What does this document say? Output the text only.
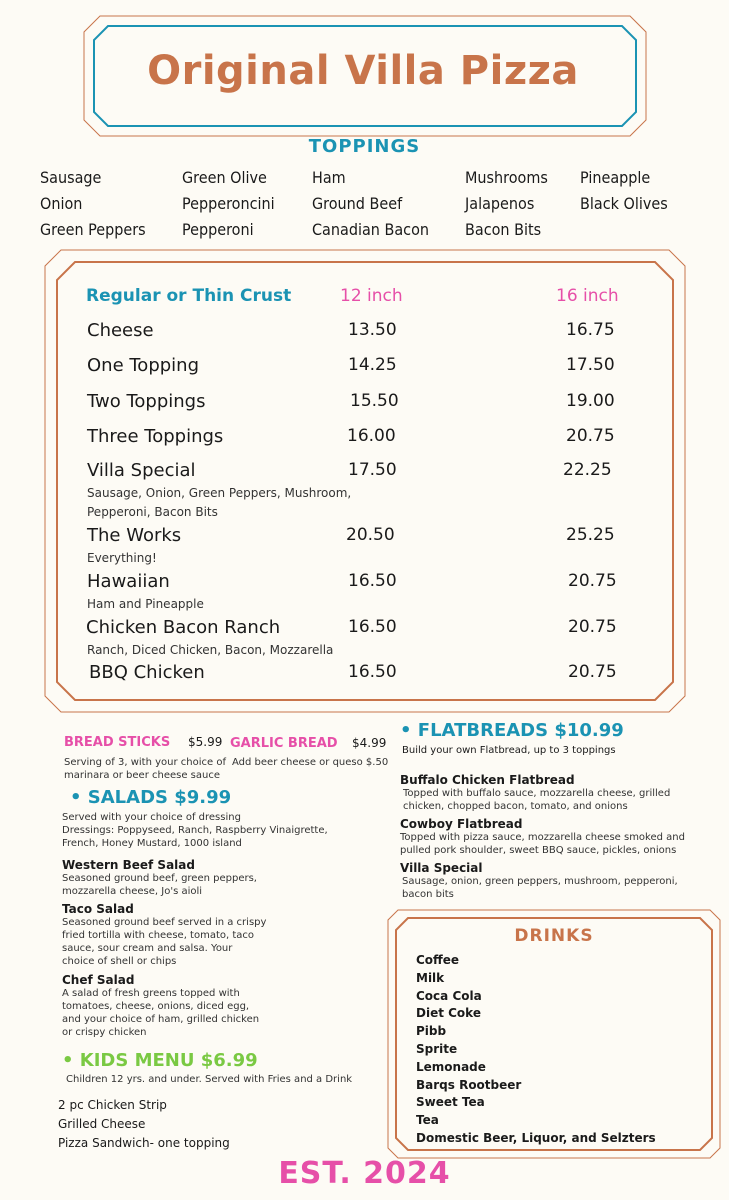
Original Villa Pizza
TOPPINGS
Sausage
Onion
Green Peppers
Green Olive
Pepperoncini
Pepperoni
Ham
Ground Beef
Canadian Bacon
Mushrooms
Jalapenos
Bacon Bits
Pineapple
Black Olives
Regular or Thin Crust	12 inch	16 inch
Cheese	13.50	16.75
One Topping	14.25	17.50
Two Toppings	15.50	19.00
Three Toppings	16.00	20.75
Villa Special	17.50	22.25
Sausage, Onion, Green Peppers, Mushroom,
Pepperoni, Bacon Bits
The Works	20.50	25.25
Everything!
Hawaiian	16.50	20.75
Ham and Pineapple
Chicken Bacon Ranch	16.50	20.75
Ranch, Diced Chicken, Bacon, Mozzarella
BBQ Chicken	16.50	20.75
BREAD STICKS $5.99
Serving of 3, with your choice of
marinara or beer cheese sauce
GARLIC BREAD $4.99
Add beer cheese or queso $.50
• SALADS $9.99
Served with your choice of dressing
Dressings: Poppyseed, Ranch, Raspberry Vinaigrette,
French, Honey Mustard, 1000 island
Western Beef Salad
Seasoned ground beef, green peppers,
mozzarella cheese, Jo's aioli
Taco Salad
Seasoned ground beef served in a crispy
fried tortilla with cheese, tomato, taco
sauce, sour cream and salsa. Your
choice of shell or chips
Chef Salad
A salad of fresh greens topped with
tomatoes, cheese, onions, diced egg,
and your choice of ham, grilled chicken
or crispy chicken
• KIDS MENU $6.99
Children 12 yrs. and under. Served with Fries and a Drink
2 pc Chicken Strip
Grilled Cheese
Pizza Sandwich- one topping
• FLATBREADS $10.99
Build your own Flatbread, up to 3 toppings
Buffalo Chicken Flatbread
Topped with buffalo sauce, mozzarella cheese, grilled
chicken, chopped bacon, tomato, and onions
Cowboy Flatbread
Topped with pizza sauce, mozzarella cheese smoked and
pulled pork shoulder, sweet BBQ sauce, pickles, onions
Villa Special
Sausage, onion, green peppers, mushroom, pepperoni,
bacon bits
DRINKS
Coffee
Milk
Coca Cola
Diet Coke
Pibb
Sprite
Lemonade
Barqs Rootbeer
Sweet Tea
Tea
Domestic Beer, Liquor, and Selzters
EST. 2024
